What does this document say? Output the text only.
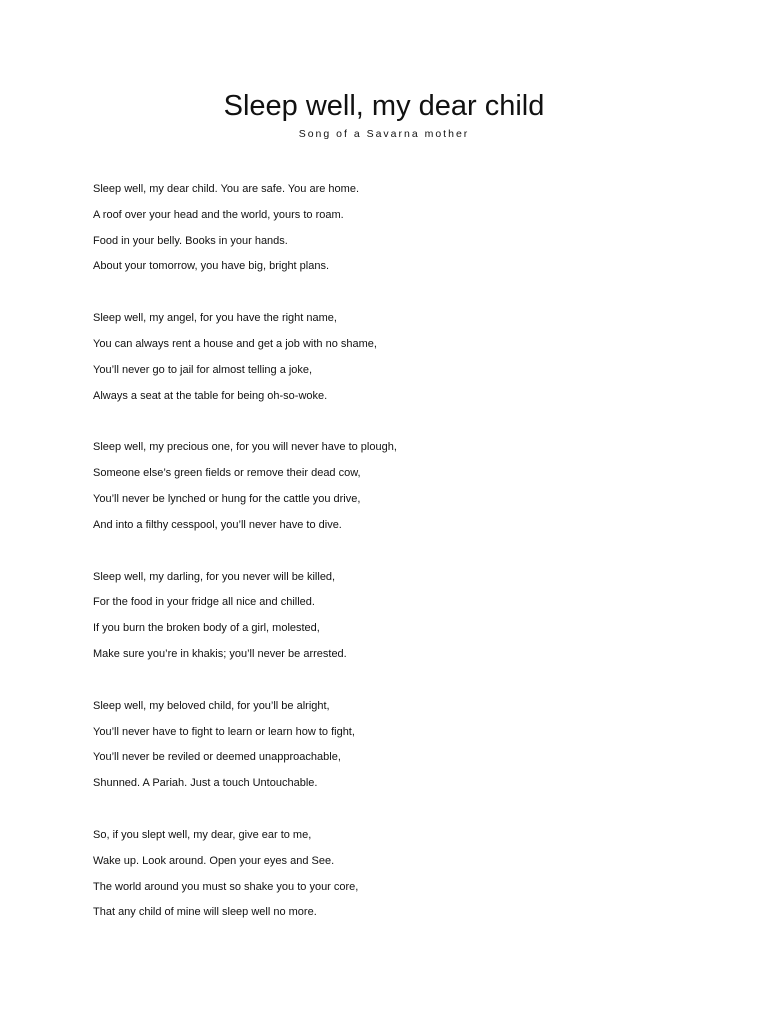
Sleep well, my dear child
Song of a Savarna mother
Sleep well, my dear child. You are safe. You are home.
A roof over your head and the world, yours to roam.
Food in your belly. Books in your hands.
About your tomorrow, you have big, bright plans.
Sleep well, my angel, for you have the right name,
You can always rent a house and get a job with no shame,
You’ll never go to jail for almost telling a joke,
Always a seat at the table for being oh-so-woke.
Sleep well, my precious one, for you will never have to plough,
Someone else’s green fields or remove their dead cow,
You’ll never be lynched or hung for the cattle you drive,
And into a filthy cesspool, you’ll never have to dive.
Sleep well, my darling, for you never will be killed,
For the food in your fridge all nice and chilled.
If you burn the broken body of a girl, molested,
Make sure you’re in khakis; you’ll never be arrested.
Sleep well, my beloved child, for you’ll be alright,
You’ll never have to fight to learn or learn how to fight,
You’ll never be reviled or deemed unapproachable,
Shunned. A Pariah. Just a touch Untouchable.
So, if you slept well, my dear, give ear to me,
Wake up. Look around. Open your eyes and See.
The world around you must so shake you to your core,
That any child of mine will sleep well no more.
